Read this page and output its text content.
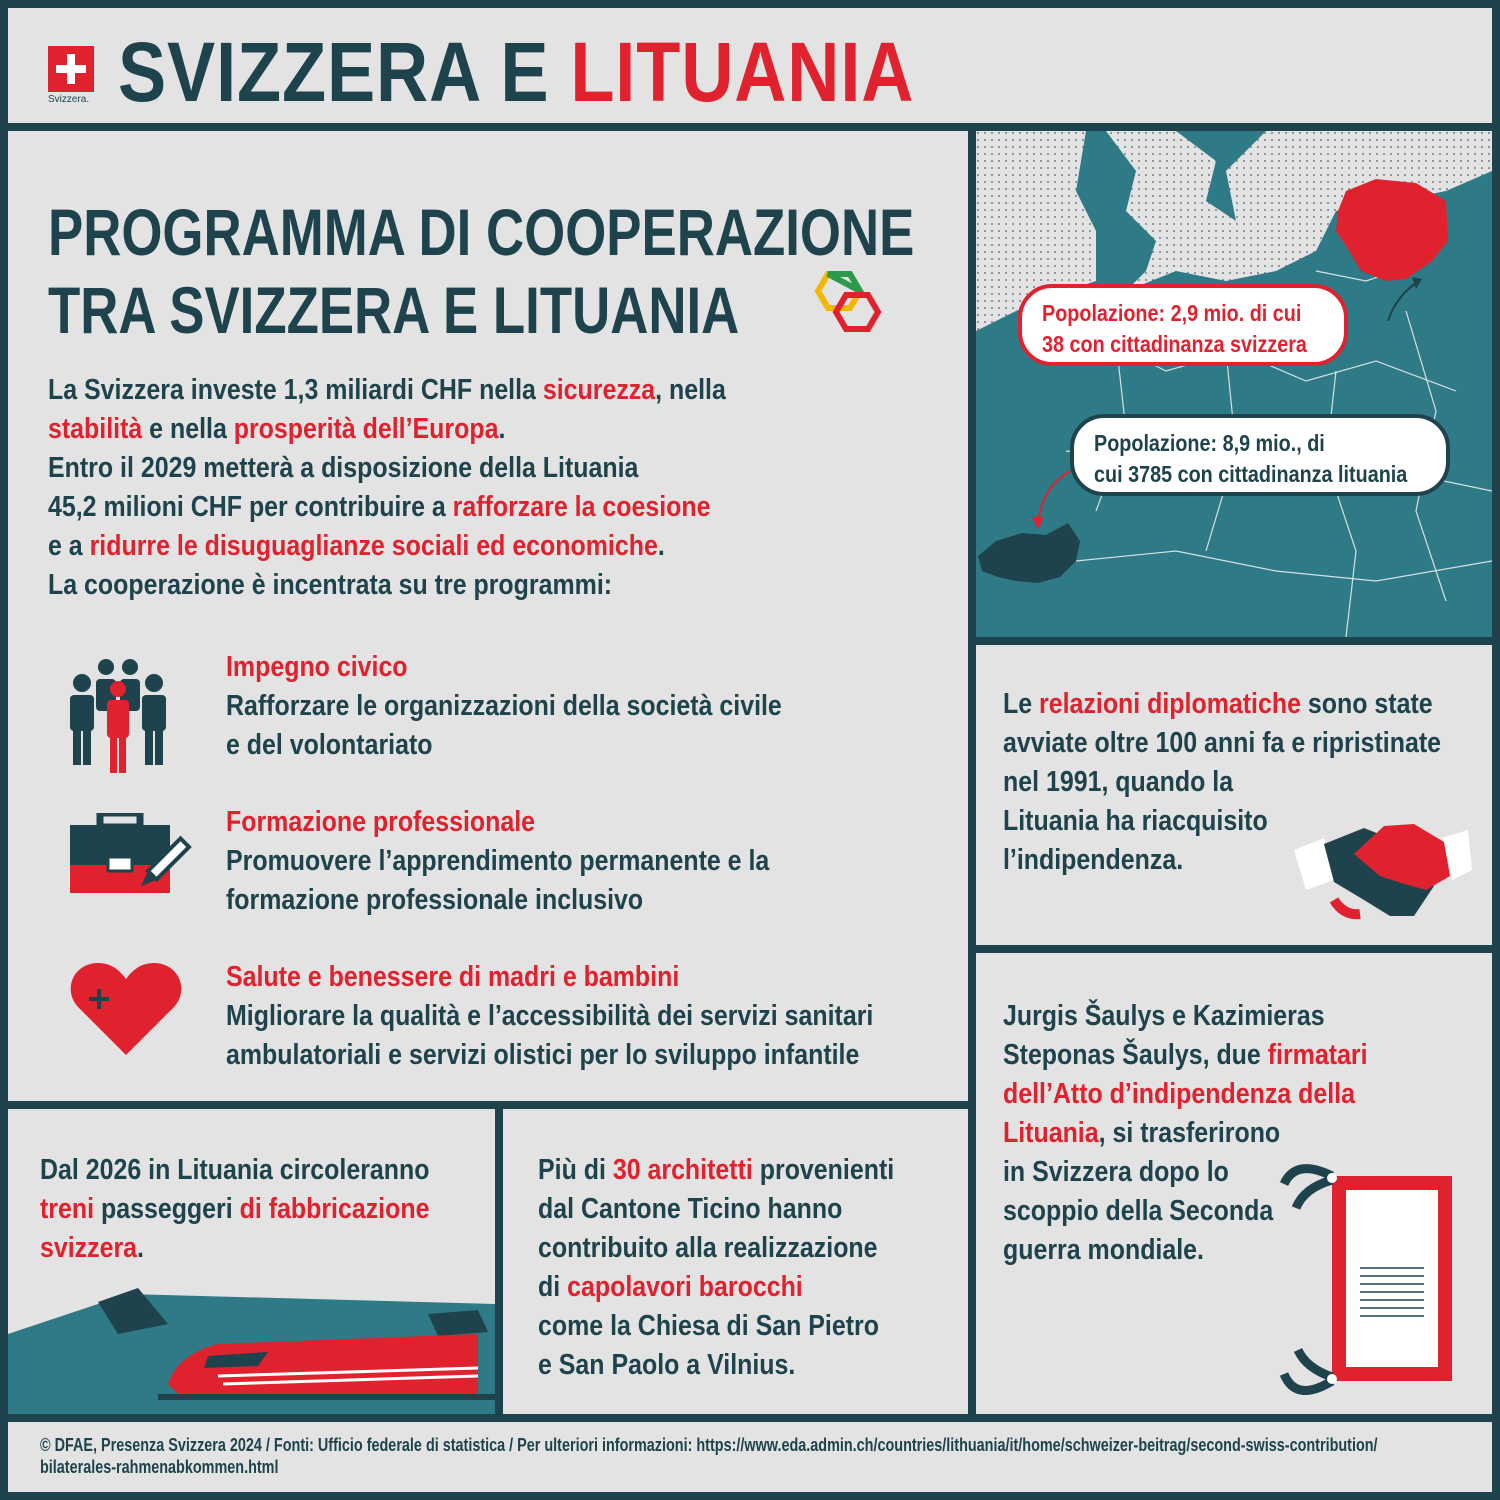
Svizzera. SVIZZERA E LITUANIA
PROGRAMMA DI COOPERAZIONE
TRA SVIZZERA E LITUANIA

La Svizzera investe 1,3 miliardi CHF nella sicurezza, nella

stabilità e nella prosperità dell’Europa.

Entro il 2029 metterà a disposizione della Lituania

45,2 milioni CHF per contribuire a rafforzare la coesione

e a ridurre le disuguaglianze sociali ed economiche.

La cooperazione è incentrata su tre programmi:

Impegno civico

Rafforzare le organizzazioni della società civile

e del volontariato

Formazione professionale

Promuovere l’apprendimento permanente e la

formazione professionale inclusivo

Salute e benessere di madri e bambini

Migliorare la qualità e l’accessibilità dei servizi sanitari

ambulatoriali e servizi olistici per lo sviluppo infantile

Popolazione: 2,9 mio. di cui
38 con cittadinanza svizzera
Popolazione: 8,9 mio., di
cui 3785 con cittadinanza lituania

Le relazioni diplomatiche sono state

avviate oltre 100 anni fa e ripristinate

nel 1991, quando la

Lituania ha riacquisito

l’indipendenza.

Jurgis Šaulys e Kazimieras

Steponas Šaulys, due firmatari

dell’Atto d’indipendenza della

Lituania, si trasferirono

in Svizzera dopo lo

scoppio della Seconda

guerra mondiale.

Dal 2026 in Lituania circoleranno

treni passeggeri di fabbricazione

svizzera.

Più di 30 architetti provenienti

dal Cantone Ticino hanno

contribuito alla realizzazione

di capolavori barocchi

come la Chiesa di San Pietro

e San Paolo a Vilnius.

© DFAE, Presenza Svizzera 2024 / Fonti: Ufficio federale di statistica / Per ulteriori informazioni: https://www.eda.admin.ch/countries/lithuania/it/home/schweizer-beitrag/second-swiss-contribution/
bilaterales-rahmenabkommen.html
